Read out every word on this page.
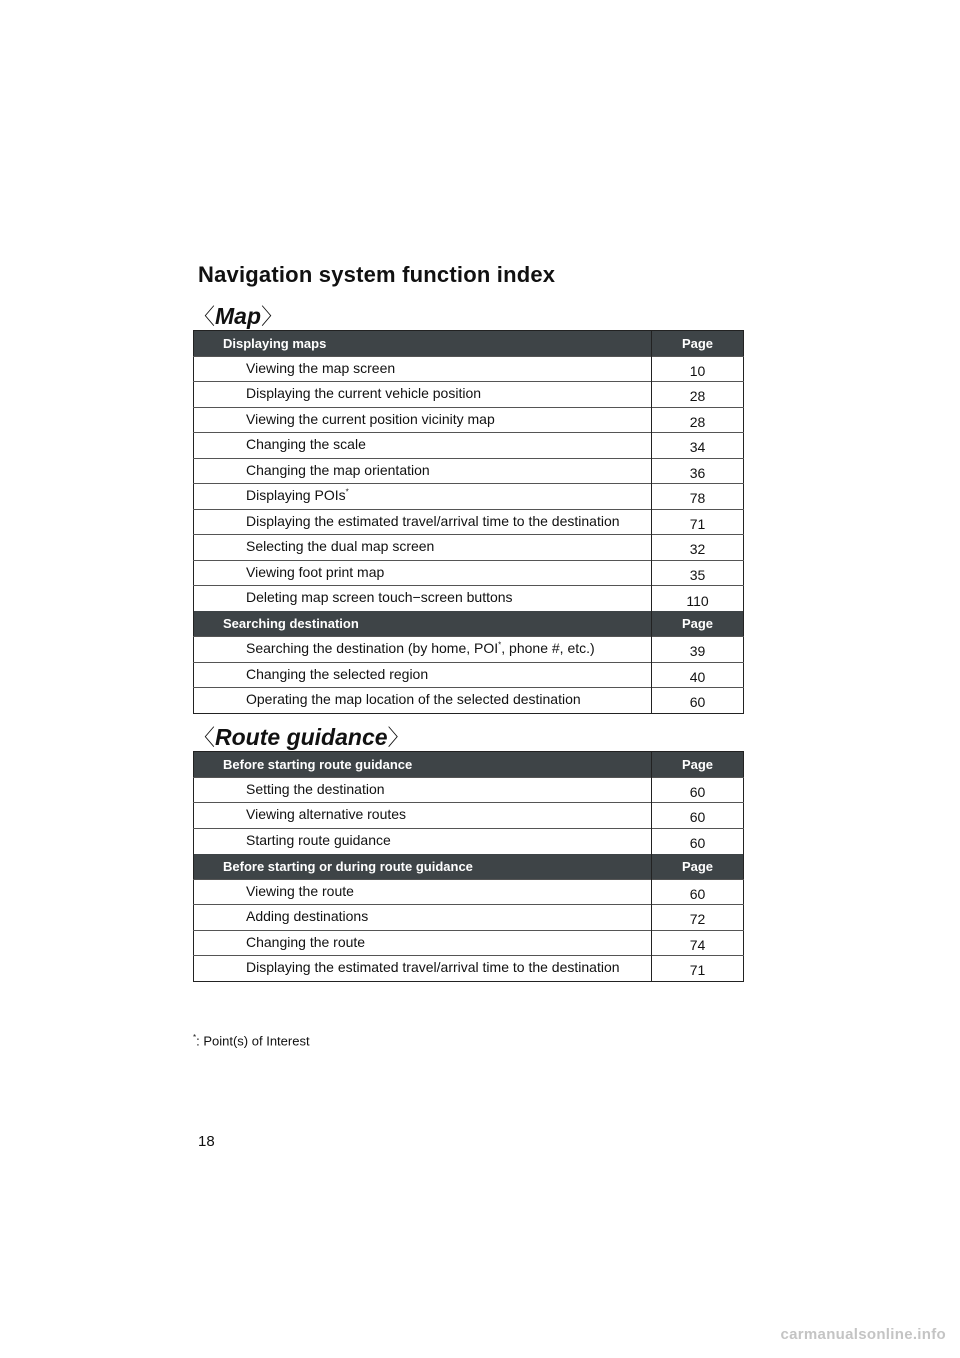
Navigation system function index
〈Map〉
Displaying maps	Page
Viewing the map screen	10
Displaying the current vehicle position	28
Viewing the current position vicinity map	28
Changing the scale	34
Changing the map orientation	36
Displaying POIs*	78
Displaying the estimated travel/arrival time to the destination	71
Selecting the dual map screen	32
Viewing foot print map	35
Deleting map screen touch−screen buttons	110
Searching destination	Page
Searching the destination (by home, POI*, phone #, etc.)	39
Changing the selected region	40
Operating the map location of the selected destination	60
〈Route guidance〉
Before starting route guidance	Page
Setting the destination	60
Viewing alternative routes	60
Starting route guidance	60
Before starting or during route guidance	Page
Viewing the route	60
Adding destinations	72
Changing the route	74
Displaying the estimated travel/arrival time to the destination	71
*: Point(s) of Interest
18
carmanualsonline.info
